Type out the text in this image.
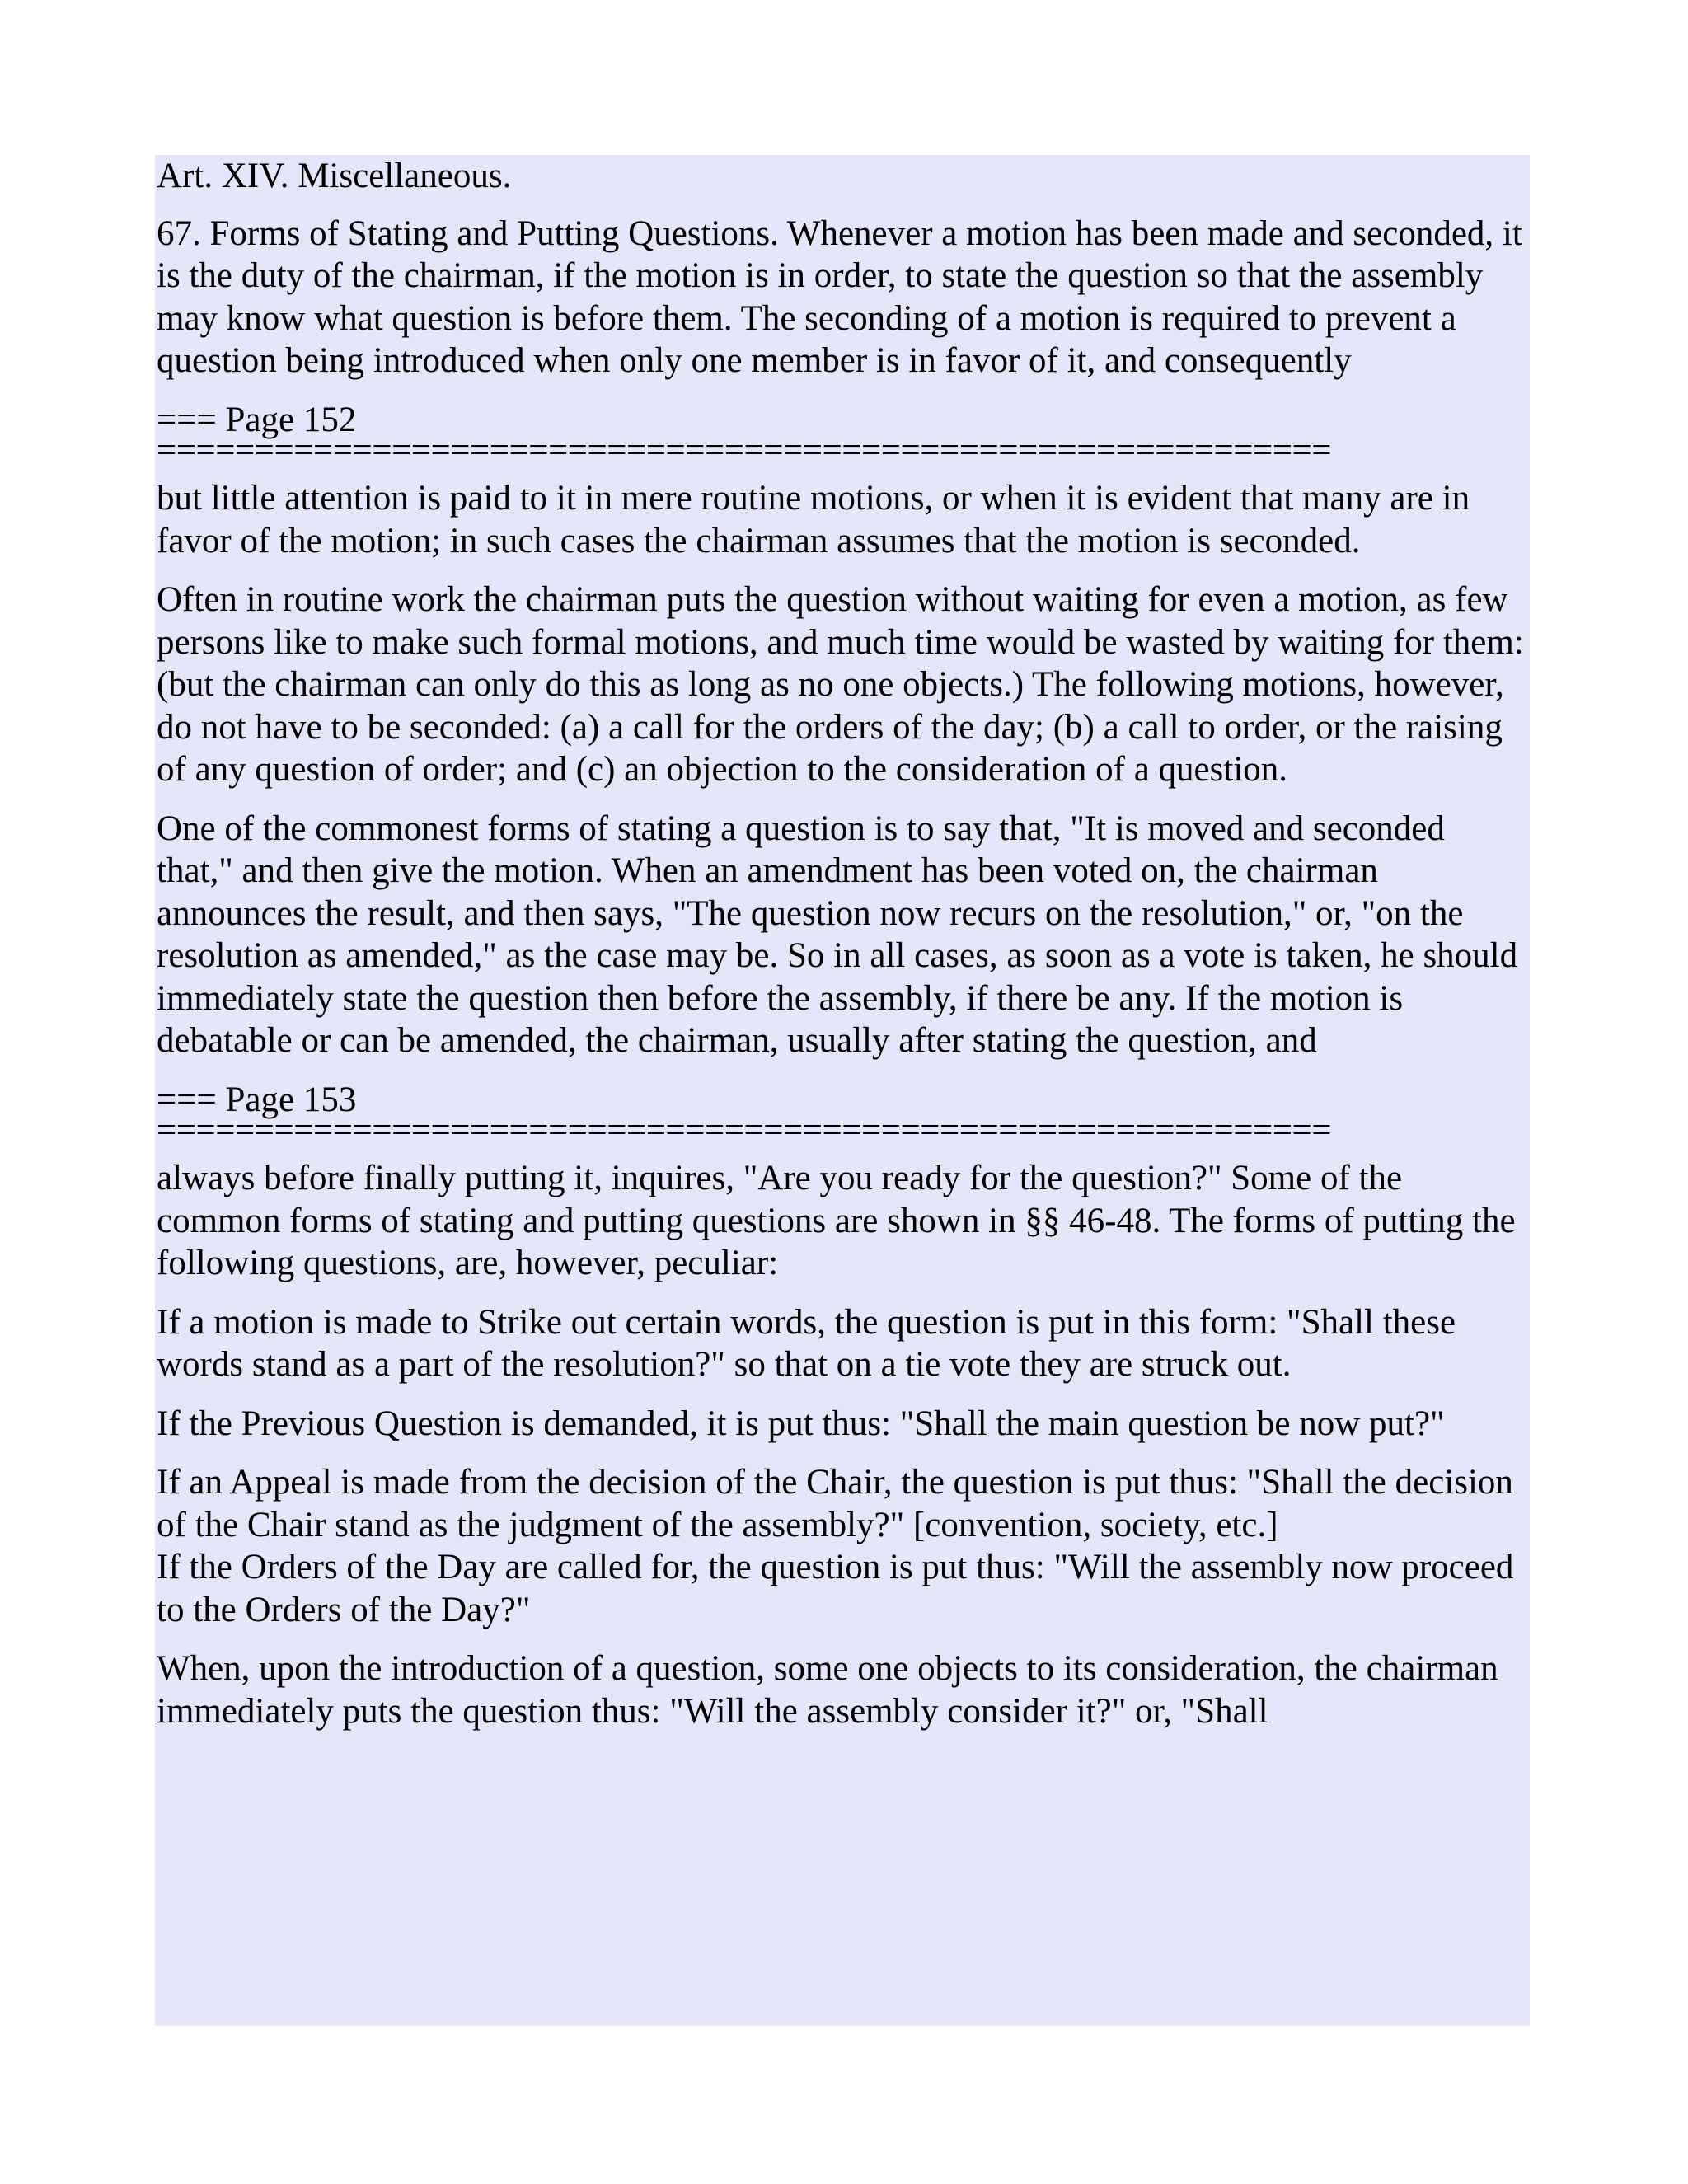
Art. XIV. Miscellaneous.

67. Forms of Stating and Putting Questions. Whenever a motion has been made and seconded, it is the duty of the chairman, if the motion is in order, to state the question so that the assembly may know what question is before them. The seconding of a motion is required to prevent a question being introduced when only one member is in favor of it, and consequently

=== Page 152
============================================================

but little attention is paid to it in mere routine motions, or when it is evident that many are in favor of the motion; in such cases the chairman assumes that the motion is seconded.

Often in routine work the chairman puts the question without waiting for even a motion, as few persons like to make such formal motions, and much time would be wasted by waiting for them: (but the chairman can only do this as long as no one objects.) The following motions, however, do not have to be seconded: (a) a call for the orders of the day; (b) a call to order, or the raising of any question of order; and (c) an objection to the consideration of a question.

One of the commonest forms of stating a question is to say that, "It is moved and seconded that," and then give the motion. When an amendment has been voted on, the chairman announces the result, and then says, "The question now recurs on the resolution," or, "on the resolution as amended," as the case may be. So in all cases, as soon as a vote is taken, he should immediately state the question then before the assembly, if there be any. If the motion is debatable or can be amended, the chairman, usually after stating the question, and

=== Page 153
============================================================

always before finally putting it, inquires, "Are you ready for the question?" Some of the common forms of stating and putting questions are shown in §§ 46-48. The forms of putting the following questions, are, however, peculiar:

If a motion is made to Strike out certain words, the question is put in this form: "Shall these words stand as a part of the resolution?" so that on a tie vote they are struck out.

If the Previous Question is demanded, it is put thus: "Shall the main question be now put?"

If an Appeal is made from the decision of the Chair, the question is put thus: "Shall the decision of the Chair stand as the judgment of the assembly?" [convention, society, etc.]

If the Orders of the Day are called for, the question is put thus: "Will the assembly now proceed to the Orders of the Day?"

When, upon the introduction of a question, some one objects to its consideration, the chairman immediately puts the question thus: "Will the assembly consider it?" or, "Shall
